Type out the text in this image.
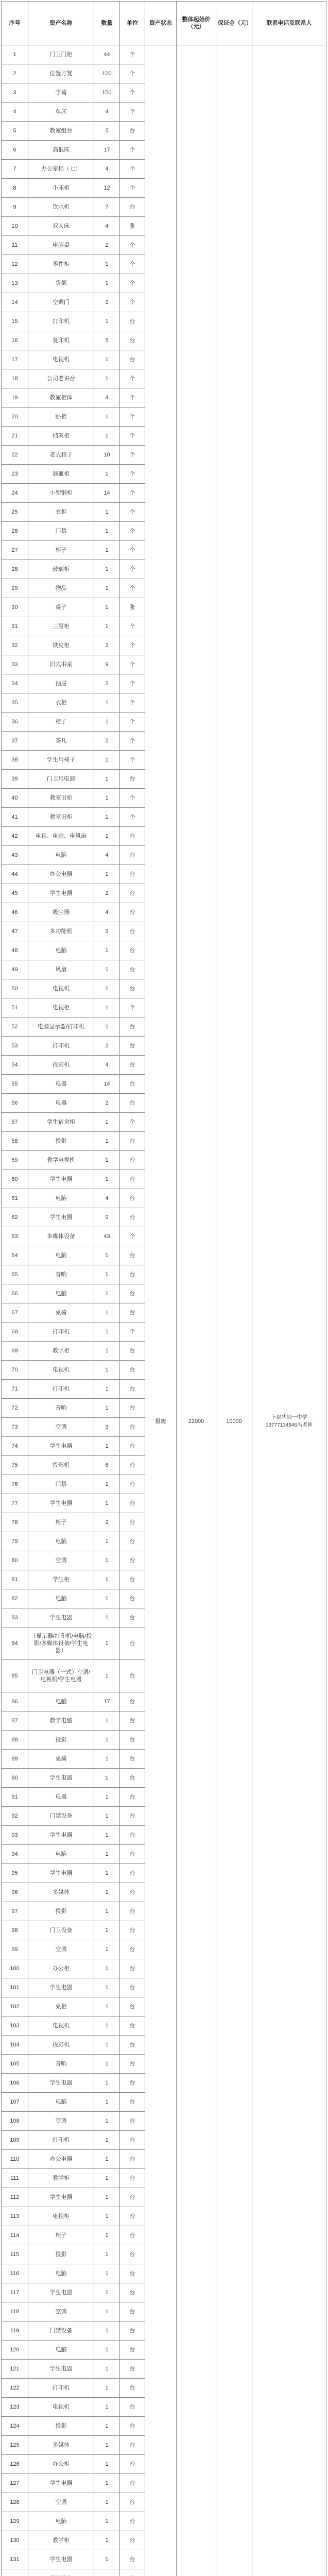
序号	资产名称	数量	单位	资产状态	整体起始价（元）	保证金（元）	联系电话及联系人
1	门卫门柜	44	个	报废	22000	10000	卜福华副一中学 13777134946冯老师
2	位置方凳	120	个				
3	学椅	150	个				
4	单床	4	个				
5	教室组台	5	台				
6	高低床	17	个				
7	办公室柜（七）	4	个				
8	小床柜	12	个				
9	饮水机	7	台				
10	双人床	4	张				
11	电脑桌	2	个				
12	零件柜	1	个				
13	货架	1	个				
14	空调门	2	个				
15	打印机	1	台				
16	复印机	5	台				
17	电视机	1	台				
18	公司老讲台	1	个				
19	教室柜体	4	个				
20	卧柜	1	个				
21	档案柜	1	个				
22	老式箱子	10	个				
23	器皿柜	1	个				
24	小型钢柜	14	个				
25	衣柜	1	个				
26	门禁	1	个				
27	柜子	1	个				
28	玻璃柜	1	个				
29	物品	1	个				
30	桌子	1	张				
31	三屉柜	1	个				
32	铁皮柜	2	个				
33	旧式书桌	9	个				
34	抽屉	2	个				
35	衣柜	1	个				
36	柜子	1	个				
37	茶几	2	个				
38	学生用椅子	1	个				
39	门卫用电器	1	台				
40	教室旧柜	1	个				
41	教室旧柜	1	个				
42	电视、电扇、电风扇	1	台				
43	电脑	4	台				
44	办公电器	1	台				
45	学生电器	2	台				
46	吸尘器	4	台				
47	多功能机	3	台				
48	电脑	1	台				
49	风扇	1	台				
50	电视机	1	台				
51	电视柜	1	个				
52	电脑显示器/打印机	1	台				
53	打印机	2	台				
54	投影机	4	台				
55	电器	14	台				
56	电器	2	台				
57	学生宿舍柜	1	个				
58	投影	1	台				
59	教学电视机	1	台				
60	学生电器	1	台				
61	电脑	4	台				
62	学生电器	9	台				
63	多媒体设备	43	个				
64	电脑	1	台				
65	音响	1	台				
66	电脑	1	台				
67	桌椅	1	台				
68	打印机	1	个				
69	教学柜	1	台				
70	电视机	1	台				
71	打印机	1	台				
72	音响	1	台				
73	空调	3	台				
74	学生电器	1	台				
75	投影机	6	台				
76	门禁	1	台				
77	学生电器	1	台				
78	柜子	2	台				
79	电脑	1	台				
80	空调	1	台				
81	学生柜	1	台				
82	电脑	1	台				
83	学生电器	1	台				
84	（显示器/打印机/电脑/投影/多媒体设备/学生电器）	1	台				
85	门卫电器（一式）空调/电视机/学生电器	1	台				
86	电脑	17	台				
87	教学电脑	1	台				
88	投影	1	台				
89	桌椅	1	台				
90	学生电器	1	台				
91	电器	1	台				
92	门禁设备	1	台				
93	学生电器	1	台				
94	电脑	1	台				
95	学生电器	1	台				
96	多媒体	1	台				
97	投影	1	台				
98	门卫设备	1	台				
99	空调	1	台				
100	办公柜	1	台				
101	学生电器	1	台				
102	桌柜	1	台				
103	电视机	1	台				
104	投影机	1	台				
105	音响	1	台				
106	学生电器	1	台				
107	电脑	1	台				
108	空调	1	台				
109	打印机	1	台				
110	办公电器	1	台				
111	教学柜	1	台				
112	学生电器	1	台				
113	电视柜	1	台				
114	柜子	1	台				
115	投影	1	台				
116	电脑	1	台				
117	学生电器	1	台				
118	空调	1	台				
119	门禁设备	1	台				
120	电脑	1	台				
121	学生电器	1	台				
122	打印机	1	台				
123	电视机	1	台				
124	投影	1	台				
125	多媒体	1	台				
126	办公柜	1	台				
127	学生电器	1	台				
128	空调	1	台				
129	电脑	1	台				
130	教学柜	1	台				
131	学生电器	1	台				
